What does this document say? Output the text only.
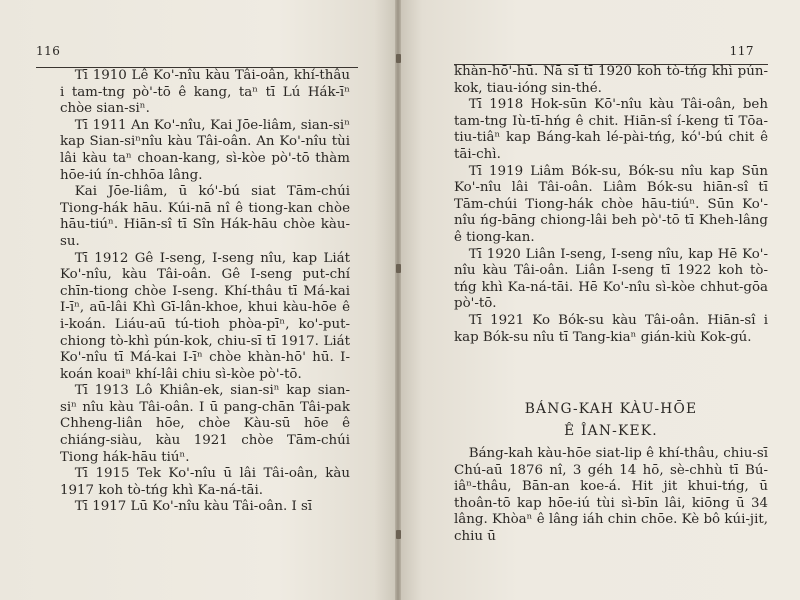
116

Tī 1910 Lê Ko'-nîu kàu Tâi-oân, khí-thâu i tam-tng pò'-tō ê kang, taⁿ tī Lú Hák-īⁿ chòe sian-siⁿ.

Tī 1911 An Ko'-nîu, Kai Jōe-liâm, sian-siⁿ kap Sian-siⁿnîu kàu Tâi-oân. An Ko'-nîu tùi lâi kàu taⁿ choan-kang, sì-kòe pò'-tō thàm hōe-iú ín-chhōa lâng.

Kai Jōe-liâm, ū kó'-bú siat Tām-chúi Tiong-hák hāu. Kúi-nā nî ê tiong-kan chòe hāu-tiúⁿ. Hiān-sî tī Sîn Hák-hāu chòe kàu-su.

Tī 1912 Gê I-seng, I-seng nîu, kap Liát Ko'-nîu, kàu Tâi-oân. Gê I-seng put-chí chīn-tiong chòe I-seng. Khí-thâu tī Má-kai I-īⁿ, aū-lâi Khì Gī-lân-khoe, khui kàu-hōe ê i-koán. Liáu-aū tú-tioh phòa-pīⁿ, ko'-put-chiong tò-khì pún-kok, chiu-sī tī 1917. Liát Ko'-nîu tī Má-kai I-īⁿ chòe khàn-hō' hū. I-koán koaiⁿ khí-lâi chiu sì-kòe pò'-tō.

Tī 1913 Lô Khiân-ek, sian-siⁿ kap sian-siⁿ nîu kàu Tâi-oân. I ū pang-chān Tâi-pak Chheng-liân hōe, chòe Kàu-sū hōe ê chiáng-siàu, kàu 1921 chòe Tām-chúi Tiong hák-hāu tiúⁿ.

Tī 1915 Tek Ko'-nîu ū lâi Tâi-oân, kàu 1917 koh tò-tńg khì Ka-ná-tāi.

Tī 1917 Lū Ko'-nîu kàu Tâi-oân. I sī

117

khàn-hō'-hū. Nā sī tī 1920 koh tò-tńg khì pún-kok, tiau-ióng sin-thé.

Tī 1918 Hok-sūn Kō'-nîu kàu Tâi-oân, beh tam-tng Iù-tī-hńg ê chit. Hiān-sî í-keng tī Tōa-tiu-tiâⁿ kap Báng-kah lé-pài-tńg, kó'-bú chit ê tāi-chì.

Tī 1919 Liâm Bók-su, Bók-su nîu kap Sūn Ko'-nîu lâi Tâi-oân. Liâm Bók-su hiān-sî tī Tām-chúi Tiong-hák chòe hāu-tiúⁿ. Sūn Ko'-nîu ńg-bāng chiong-lâi beh pò'-tō tī Kheh-lâng ê tiong-kan.

Tī 1920 Liân I-seng, I-seng nîu, kap Hē Ko'-nîu kàu Tâi-oân. Liân I-seng tī 1922 koh tò-tńg khì Ka-ná-tāi. Hē Ko'-nîu sì-kòe chhut-gōa pò'-tō.

Tī 1921 Ko Bók-su kàu Tâi-oân. Hiān-sî i kap Bók-su nîu tī Tang-kiaⁿ gián-kiù Kok-gú.

BÁNG-KAH KÀU-HŌE
Ê ÎAN-KEK.

Báng-kah kàu-hōe siat-lip ê khí-thâu, chiu-sī Chú-aū 1876 nî, 3 géh 14 hō, sè-chhù tī Bú-iâⁿ-thâu, Bān-an koe-á. Hit jit khui-tńg, ū thoân-tō kap hōe-iú tùi sì-bīn lâi, kiōng ū 34 lâng. Khòaⁿ ê lâng iáh chin chōe. Kè bô kúi-jit, chiu ū
